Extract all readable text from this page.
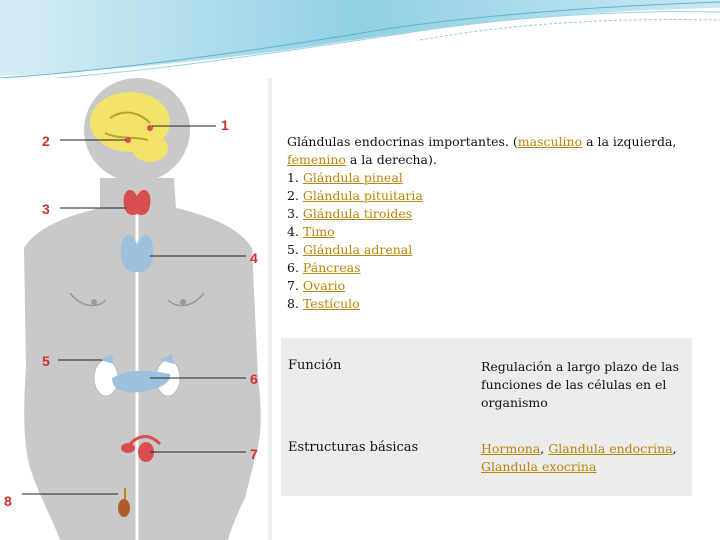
1
2
3
4
5
6
7
8

Glándulas endocrinas importantes. (masculino a la izquierda, femenino a la derecha).

1. Glándula pineal

2. Glándula pituitaria

3. Glándula tiroides

4. Timo

5. Glándula adrenal

6. Páncreas

7. Ovario

8. Testículo

Función	Regulación a largo plazo de las funciones de las células en el organismo
Estructuras básicas	Hormona, Glandula endocrina, Glandula exocrina
